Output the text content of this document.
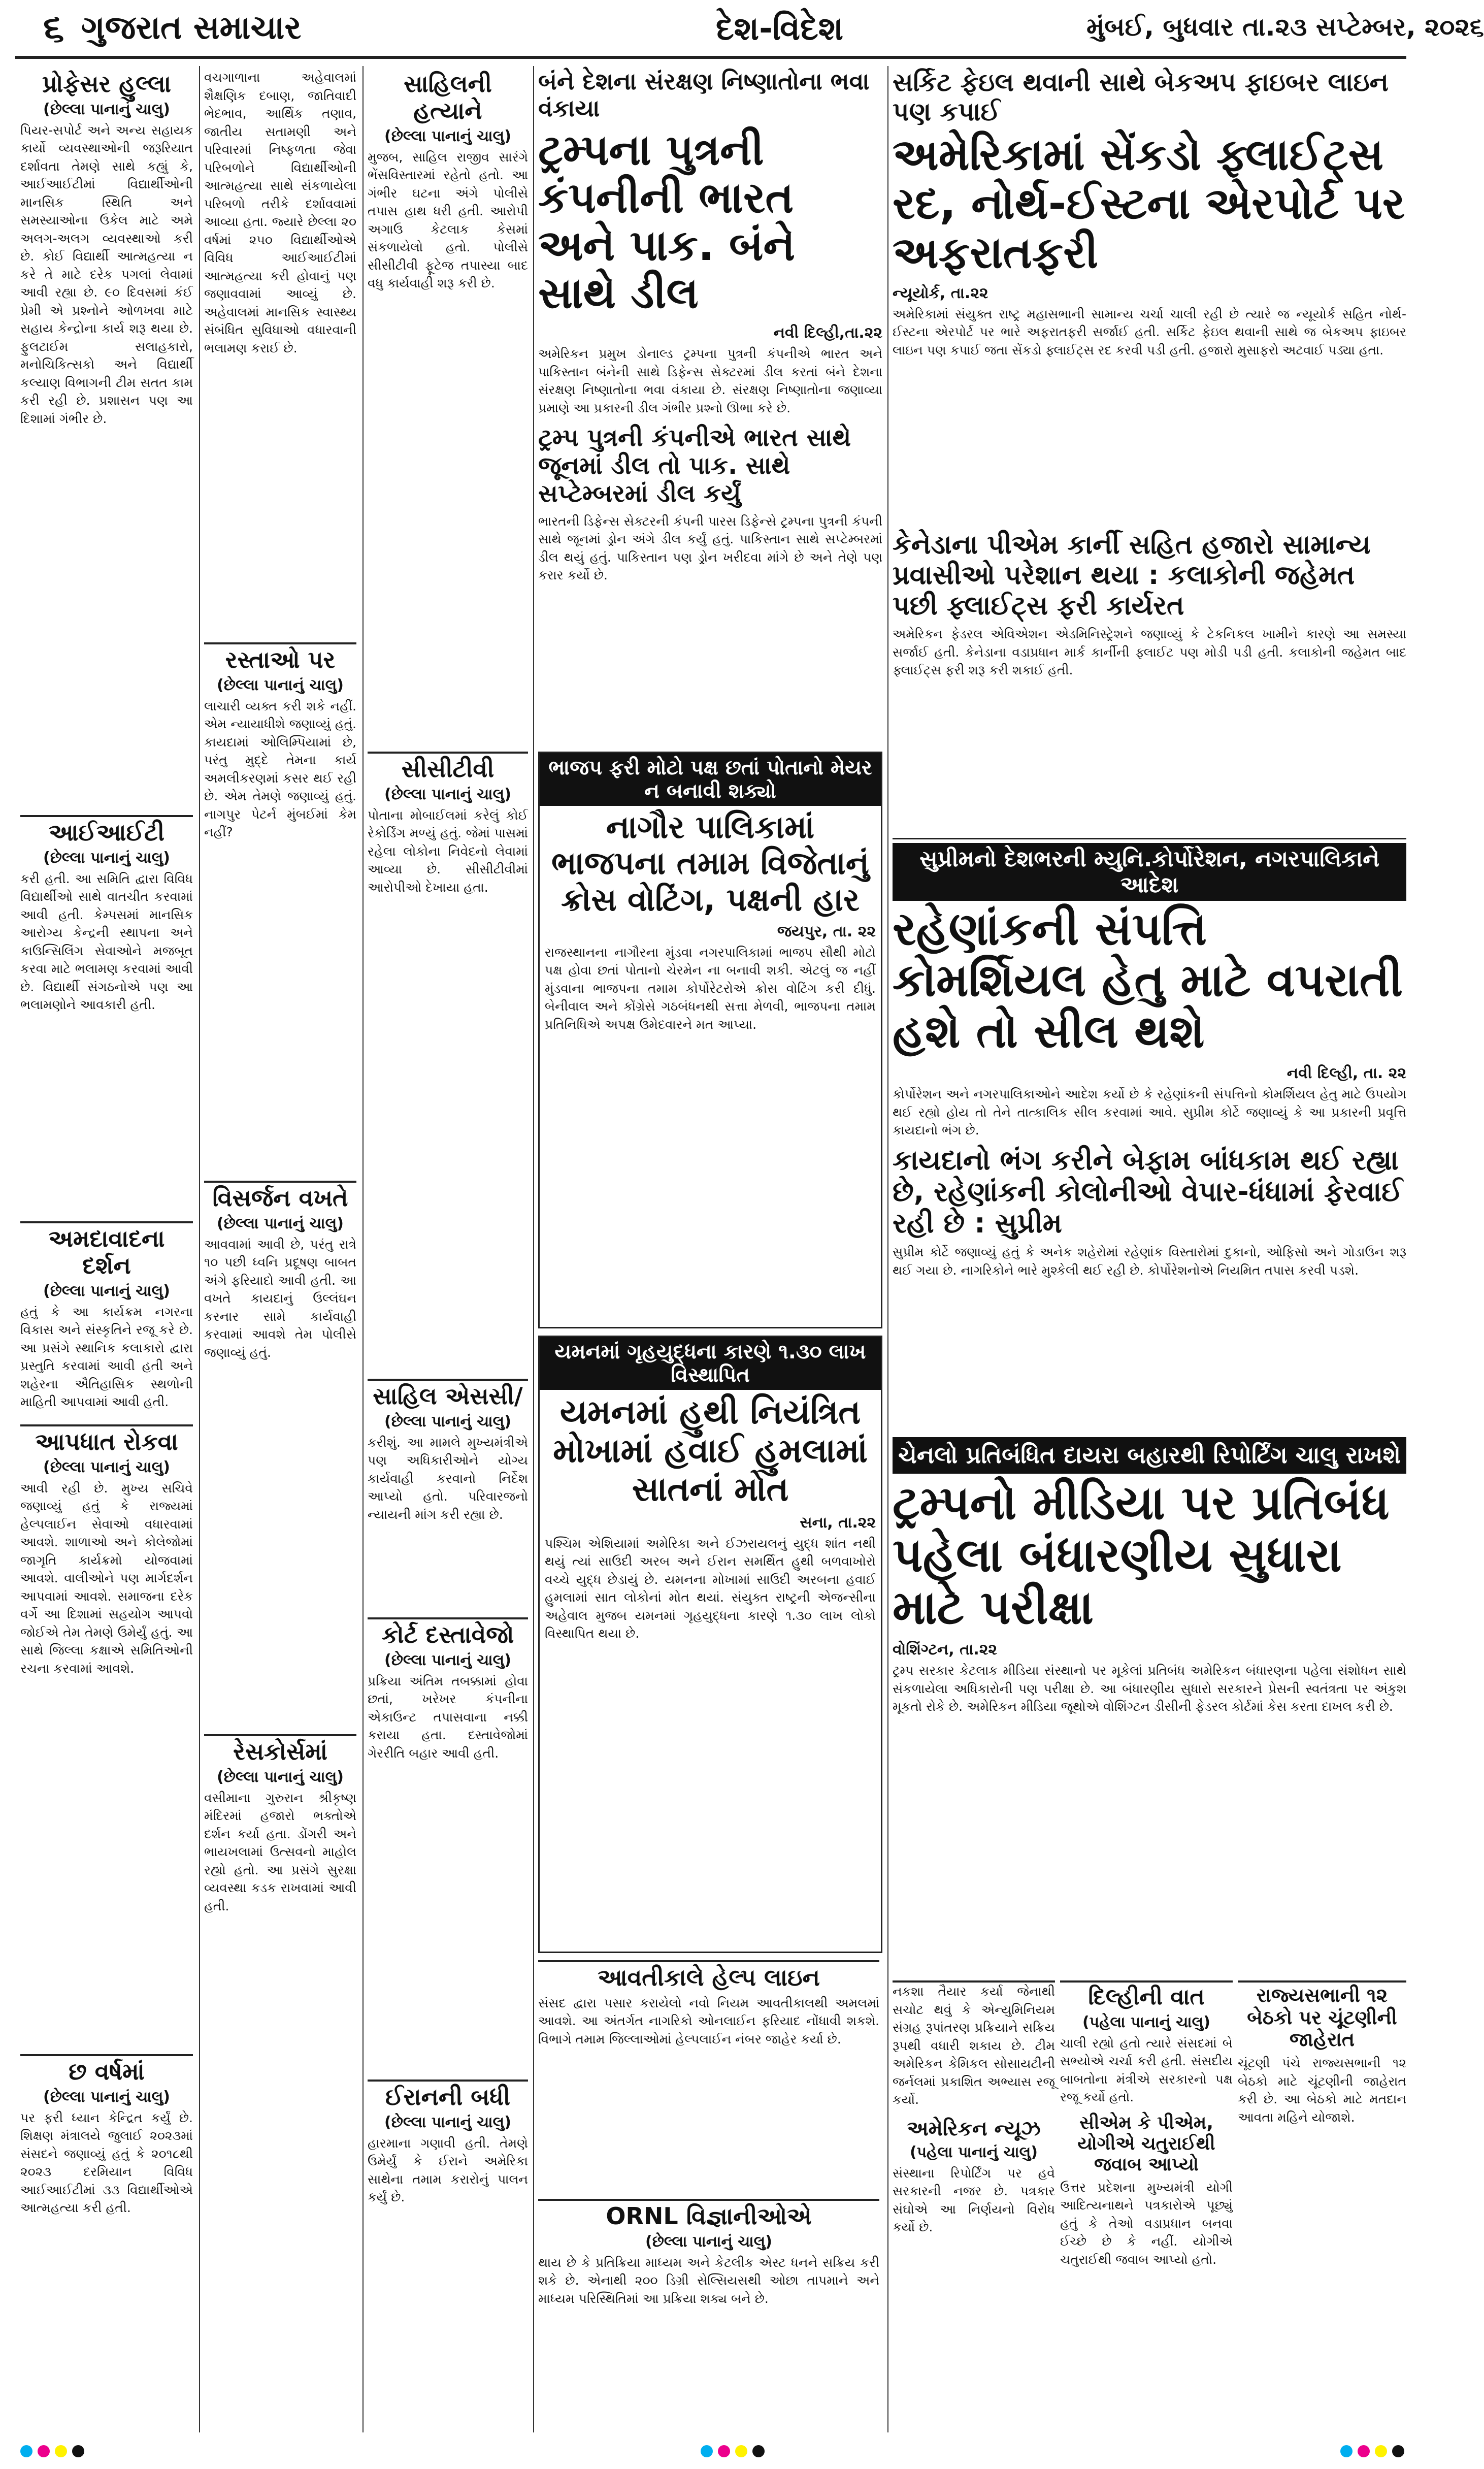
૬ ગુજરાત સમાચાર	દેશ-વિદેશ	મુંબઈ, બુધવાર તા.૨૩ સપ્ટેમ્બર, ૨૦૨૬
પ્રોફેસર હુલ્લા
(છેલ્લા પાનાનું ચાલુ)

પિયર-સપોર્ટ અને અન્ય સહાયક કાર્યો વ્યવસ્થાઓની જરૂરિયાત દર્શાવતા તેમણે સાથે કહ્યું કે, આઈઆઈટીમાં વિદ્યાર્થીઓની માનસિક સ્થિતિ અને સમસ્યાઓના ઉકેલ માટે અમે અલગ-અલગ વ્યવસ્થાઓ કરી છે. કોઈ વિદ્યાર્થી આત્મહત્યા ન કરે તે માટે દરેક પગલાં લેવામાં આવી રહ્યા છે. ૯૦ દિવસમાં કંઈ પ્રેમી એ પ્રશ્નોને ઓળખવા માટે સહાય કેન્દ્રોના કાર્ય શરૂ થયા છે. ફુલટાઈમ સલાહકારો, મનોચિકિત્સકો અને વિદ્યાર્થી કલ્યાણ વિભાગની ટીમ સતત કામ કરી રહી છે. પ્રશાસન પણ આ દિશામાં ગંભીર છે.

આઈઆઈટી
(છેલ્લા પાનાનું ચાલુ)

કરી હતી. આ સમિતિ દ્વારા વિવિધ વિદ્યાર્થીઓ સાથે વાતચીત કરવામાં આવી હતી. કેમ્પસમાં માનસિક આરોગ્ય કેન્દ્રની સ્થાપના અને કાઉન્સિલિંગ સેવાઓને મજબૂત કરવા માટે ભલામણ કરવામાં આવી છે. વિદ્યાર્થી સંગઠનોએ પણ આ ભલામણોને આવકારી હતી.

અમદાવાદના દર્શન
(છેલ્લા પાનાનું ચાલુ)

હતું કે આ કાર્યક્રમ નગરના વિકાસ અને સંસ્કૃતિને રજૂ કરે છે. આ પ્રસંગે સ્થાનિક કલાકારો દ્વારા પ્રસ્તુતિ કરવામાં આવી હતી અને શહેરના ઐતિહાસિક સ્થળોની માહિતી આપવામાં આવી હતી.

આપધાત રોકવા
(છેલ્લા પાનાનું ચાલુ)

આવી રહી છે. મુખ્ય સચિવે જણાવ્યું હતું કે રાજ્યમાં હેલ્પલાઈન સેવાઓ વધારવામાં આવશે. શાળાઓ અને કોલેજોમાં જાગૃતિ કાર્યક્રમો યોજવામાં આવશે. વાલીઓને પણ માર્ગદર્શન આપવામાં આવશે. સમાજના દરેક વર્ગે આ દિશામાં સહયોગ આપવો જોઈએ તેમ તેમણે ઉમેર્યું હતું. આ સાથે જિલ્લા કક્ષાએ સમિતિઓની રચના કરવામાં આવશે.

છ વર્ષમાં
(છેલ્લા પાનાનું ચાલુ)

પર ફરી ધ્યાન કેન્દ્રિત કર્યું છે. શિક્ષણ મંત્રાલયે જુલાઈ ૨૦૨૩માં સંસદને જણાવ્યું હતું કે ૨૦૧૮થી ૨૦૨૩ દરમિયાન વિવિધ આઈઆઈટીમાં ૩૩ વિદ્યાર્થીઓએ આત્મહત્યા કરી હતી.

વચગાળાના અહેવાલમાં શૈક્ષણિક દબાણ, જાતિવાદી ભેદભાવ, આર્થિક તણાવ, જાતીય સતામણી અને પરિવારમાં નિષ્ફળતા જેવા પરિબળોને વિદ્યાર્થીઓની આત્મહત્યા સાથે સંકળાયેલા પરિબળો તરીકે દર્શાવવામાં આવ્યા હતા. જ્યારે છેલ્લા ૨૦ વર્ષમાં ૨૫૦ વિદ્યાર્થીઓએ વિવિધ આઈઆઈટીમાં આત્મહત્યા કરી હોવાનું પણ જણાવવામાં આવ્યું છે. અહેવાલમાં માનસિક સ્વાસ્થ્ય સંબંધિત સુવિધાઓ વધારવાની ભલામણ કરાઈ છે.

રસ્તાઓ પર
(છેલ્લા પાનાનું ચાલુ)

લાચારી વ્યક્ત કરી શકે નહીં. એમ ન્યાયાધીશે જણાવ્યું હતું. કાયદામાં ઓલિમ્પિયામાં છે, પરંતુ મુદ્દે તેમના કાર્ય અમલીકરણમાં કસર થઈ રહી છે. એમ તેમણે જણાવ્યું હતું. નાગપુર પેટર્ન મુંબઈમાં કેમ નહીં?

વિસર્જન વખતે
(છેલ્લા પાનાનું ચાલુ)

આવવામાં આવી છે, પરંતુ રાત્રે ૧૦ પછી ધ્વનિ પ્રદૂષણ બાબત અંગે ફરિયાદો આવી હતી. આ વખતે કાયદાનું ઉલ્લંઘન કરનાર સામે કાર્યવાહી કરવામાં આવશે તેમ પોલીસે જણાવ્યું હતું.

રેસકોર્સમાં
(છેલ્લા પાનાનું ચાલુ)

વસીમાના ગુરુરાન શ્રીકૃષ્ણ મંદિરમાં હજારો ભક્તોએ દર્શન કર્યા હતા. ડોંગરી અને ભાયખલામાં ઉત્સવનો માહોલ રહ્યો હતો. આ પ્રસંગે સુરક્ષા વ્યવસ્થા કડક રાખવામાં આવી હતી.

સાહિલની હત્યાને
(છેલ્લા પાનાનું ચાલુ)

મુજબ, સાહિલ રાજીવ સારંગે ભેંસવિસ્તારમાં રહેતો હતો. આ ગંભીર ઘટના અંગે પોલીસે તપાસ હાથ ધરી હતી. આરોપી અગાઉ કેટલાક કેસમાં સંકળાયેલો હતો. પોલીસે સીસીટીવી ફૂટેજ તપાસ્યા બાદ વધુ કાર્યવાહી શરૂ કરી છે.

સીસીટીવી
(છેલ્લા પાનાનું ચાલુ)

પોતાના મોબાઈલમાં કરેલું કોઈ રેકોર્ડિંગ મળ્યું હતું. જેમાં પાસમાં રહેલા લોકોના નિવેદનો લેવામાં આવ્યા છે. સીસીટીવીમાં આરોપીઓ દેખાયા હતા.

સાહિલ એસસી/
(છેલ્લા પાનાનું ચાલુ)

કરીશું. આ મામલે મુખ્યમંત્રીએ પણ અધિકારીઓને યોગ્ય કાર્યવાહી કરવાનો નિર્દેશ આપ્યો હતો. પરિવારજનો ન્યાયની માંગ કરી રહ્યા છે.

કોર્ટ દસ્તાવેજો
(છેલ્લા પાનાનું ચાલુ)

પ્રક્રિયા અંતિમ તબક્કામાં હોવા છતાં, ખરેખર કંપનીના એકાઉન્ટ તપાસવાના નક્કી કરાયા હતા. દસ્તાવેજોમાં ગેરરીતિ બહાર આવી હતી.

ઈરાનની બધી
(છેલ્લા પાનાનું ચાલુ)

હારમાના ગણાવી હતી. તેમણે ઉમેર્યું કે ઈરાને અમેરિકા સાથેના તમામ કરારોનું પાલન કર્યું છે.

બંને દેશના સંરક્ષણ નિષ્ણાતોના ભવા વંકાયા
ટ્રમ્પના પુત્રની કંપનીની ભારત અને પાક. બંને સાથે ડીલ
નવી દિલ્હી,તા.૨૨

અમેરિકન પ્રમુખ ડોનાલ્ડ ટ્રમ્પના પુત્રની કંપનીએ ભારત અને પાકિસ્તાન બંનેની સાથે ડિફેન્સ સેક્ટરમાં ડીલ કરતાં બંને દેશના સંરક્ષણ નિષ્ણાતોના ભવા વંકાયા છે. સંરક્ષણ નિષ્ણાતોના જણાવ્યા પ્રમાણે આ પ્રકારની ડીલ ગંભીર પ્રશ્નો ઊભા કરે છે.

ટ્રમ્પ પુત્રની કંપનીએ ભારત સાથે જૂનમાં ડીલ તો પાક. સાથે સપ્ટેમ્બરમાં ડીલ કર્યું

ભારતની ડિફેન્સ સેક્ટરની કંપની પારસ ડિફેન્સે ટ્રમ્પના પુત્રની કંપની સાથે જૂનમાં ડ્રોન અંગે ડીલ કર્યું હતું. પાકિસ્તાન સાથે સપ્ટેમ્બરમાં ડીલ થયું હતું. પાકિસ્તાન પણ ડ્રોન ખરીદવા માંગે છે અને તેણે પણ કરાર કર્યો છે.

ભાજપ ફરી મોટો પક્ષ છતાં પોતાનો મેયર ન બનાવી શક્યો
નાગૌર પાલિકામાં ભાજપના તમામ વિજેતાનું ક્રોસ વોટિંગ, પક્ષની હાર
જયપુર, તા. ૨૨

રાજસ્થાનના નાગૌરના મુંડવા નગરપાલિકામાં ભાજપ સૌથી મોટો પક્ષ હોવા છતાં પોતાનો ચેરમેન ના બનાવી શકી. એટલું જ નહીં મુંડવાના ભાજપના તમામ કોર્પોરેટરોએ ક્રોસ વોટિંગ કરી દીધું. બેનીવાલ અને કોંગ્રેસે ગઠબંધનથી સત્તા મેળવી, ભાજપના તમામ પ્રતિનિધિએ અપક્ષ ઉમેદવારને મત આપ્યા.

યમનમાં ગૃહયુદ્ધના કારણે ૧.૩૦ લાખ વિસ્થાપિત
યમનમાં હુથી નિયંત્રિત મોખામાં હવાઈ હુમલામાં સાતનાં મોત
સના, તા.૨૨

પશ્ચિમ એશિયામાં અમેરિકા અને ઈઝરાયલનું યુદ્ધ શાંત નથી થયું ત્યાં સાઉદી અરબ અને ઈરાન સમર્થિત હુથી બળવાખોરો વચ્ચે યુદ્ધ છેડાયું છે. યમનના મોખામાં સાઉદી અરબના હવાઈ હુમલામાં સાત લોકોનાં મોત થયાં. સંયુક્ત રાષ્ટ્રની એજન્સીના અહેવાલ મુજબ યમનમાં ગૃહયુદ્ધના કારણે ૧.૩૦ લાખ લોકો વિસ્થાપિત થયા છે.

આવતીકાલે હેલ્પ લાઇન

સંસદ દ્વારા પસાર કરાયેલો નવો નિયમ આવતીકાલથી અમલમાં આવશે. આ અંતર્ગત નાગરિકો ઓનલાઈન ફરિયાદ નોંધાવી શકશે. વિભાગે તમામ જિલ્લાઓમાં હેલ્પલાઈન નંબર જાહેર કર્યા છે.

ORNL વિજ્ઞાનીઓએ
(છેલ્લા પાનાનું ચાલુ)

થાય છે કે પ્રતિક્રિયા માધ્યમ અને કેટલીક એસ્ટ ધનને સક્રિય કરી શકે છે. એનાથી ૨૦૦ ડિગ્રી સેલ્સિયસથી ઓછા તાપમાને અને માધ્યમ પરિસ્થિતિમાં આ પ્રક્રિયા શક્ય બને છે.

સર્કિટ ફેઇલ થવાની સાથે બેકઅપ ફાઇબર લાઇન પણ કપાઈ
અમેરિકામાં સેંકડો ફ્લાઈટ્સ રદ, નોર્થ-ઈસ્ટના એરપોર્ટ પર અફરાતફરી
ન્યૂયોર્ક, તા.૨૨

અમેરિકામાં સંયુક્ત રાષ્ટ્ર મહાસભાની સામાન્ય ચર્ચા ચાલી રહી છે ત્યારે જ ન્યૂયોર્ક સહિત નોર્થ-ઈસ્ટના એરપોર્ટ પર ભારે અફરાતફરી સર્જાઈ હતી. સર્કિટ ફેઇલ થવાની સાથે જ બેકઅપ ફાઇબર લાઇન પણ કપાઈ જતા સેંકડો ફ્લાઈટ્સ રદ કરવી પડી હતી. હજારો મુસાફરો અટવાઈ પડ્યા હતા.

કેનેડાના પીએમ કાર્ની સહિત હજારો સામાન્ય પ્રવાસીઓ પરેશાન થયા : કલાકોની જહેમત પછી ફ્લાઈટ્સ ફરી કાર્યરત

અમેરિકન ફેડરલ એવિએશન એડમિનિસ્ટ્રેશને જણાવ્યું કે ટેકનિકલ ખામીને કારણે આ સમસ્યા સર્જાઈ હતી. કેનેડાના વડાપ્રધાન માર્ક કાર્નીની ફ્લાઈટ પણ મોડી પડી હતી. કલાકોની જહેમત બાદ ફ્લાઈટ્સ ફરી શરૂ કરી શકાઈ હતી.

સુપ્રીમનો દેશભરની મ્યુનિ.કોર્પોરેશન, નગરપાલિકાને આદેશ
રહેણાંકની સંપત્તિ કોમર્શિયલ હેતુ માટે વપરાતી હશે તો સીલ થશે
નવી દિલ્હી, તા. ૨૨

કોર્પોરેશન અને નગરપાલિકાઓને આદેશ કર્યો છે કે રહેણાંકની સંપત્તિનો કોમર્શિયલ હેતુ માટે ઉપયોગ થઈ રહ્યો હોય તો તેને તાત્કાલિક સીલ કરવામાં આવે. સુપ્રીમ કોર્ટે જણાવ્યું કે આ પ્રકારની પ્રવૃત્તિ કાયદાનો ભંગ છે.

કાયદાનો ભંગ કરીને બેફામ બાંધકામ થઈ રહ્યા છે, રહેણાંકની કોલોનીઓ વેપાર-ધંધામાં ફેરવાઈ રહી છે : સુપ્રીમ

સુપ્રીમ કોર્ટે જણાવ્યું હતું કે અનેક શહેરોમાં રહેણાંક વિસ્તારોમાં દુકાનો, ઓફિસો અને ગોડાઉન શરૂ થઈ ગયા છે. નાગરિકોને ભારે મુશ્કેલી થઈ રહી છે. કોર્પોરેશનોએ નિયમિત તપાસ કરવી પડશે.

ચેનલો પ્રતિબંધિત દાયરા બહારથી રિપોર્ટિંગ ચાલુ રાખશે
ટ્રમ્પનો મીડિયા પર પ્રતિબંધ પહેલા બંધારણીય સુધારા માટે પરીક્ષા
વોશિંગ્ટન, તા.૨૨

ટ્રમ્પ સરકાર કેટલાક મીડિયા સંસ્થાનો પર મૂકેલાં પ્રતિબંધ અમેરિકન બંધારણના પહેલા સંશોધન સાથે સંકળાયેલા અધિકારોની પણ પરીક્ષા છે. આ બંધારણીય સુધારો સરકારને પ્રેસની સ્વતંત્રતા પર અંકુશ મૂકતો રોકે છે. અમેરિકન મીડિયા જૂથોએ વોશિંગ્ટન ડીસીની ફેડરલ કોર્ટમાં કેસ કરતા દાખલ કરી છે.

નકશા તૈયાર કર્યા જેનાથી સચોટ થવું કે એન્યુમિનિયમ સંગ્રહ રૂપાંતરણ પ્રક્રિયાને સક્રિય રૂપથી વધારી શકાય છે. ટીમ અમેરિકન કેમિકલ સોસાયટીની જર્નલમાં પ્રકાશિત અભ્યાસ રજૂ કર્યો.

અમેરિકન ન્યૂઝ
(પહેલા પાનાનું ચાલુ)

સંસ્થાના રિપોર્ટિંગ પર હવે સરકારની નજર છે. પત્રકાર સંઘોએ આ નિર્ણયનો વિરોધ કર્યો છે.

દિલ્હીની વાત
(પહેલા પાનાનું ચાલુ)

ચાલી રહ્યો હતો ત્યારે સંસદમાં બે સભ્યોએ ચર્ચા કરી હતી. સંસદીય બાબતોના મંત્રીએ સરકારનો પક્ષ રજૂ કર્યો હતો.

સીએમ કે પીએમ, યોગીએ ચતુરાઈથી જવાબ આપ્યો

ઉત્તર પ્રદેશના મુખ્યમંત્રી યોગી આદિત્યનાથને પત્રકારોએ પૂછ્યું હતું કે તેઓ વડાપ્રધાન બનવા ઈચ્છે છે કે નહીં. યોગીએ ચતુરાઈથી જવાબ આપ્યો હતો.

રાજ્યસભાની ૧૨ બેઠકો પર ચૂંટણીની જાહેરાત

ચૂંટણી પંચે રાજ્યસભાની ૧૨ બેઠકો માટે ચૂંટણીની જાહેરાત કરી છે. આ બેઠકો માટે મતદાન આવતા મહિને યોજાશે.
